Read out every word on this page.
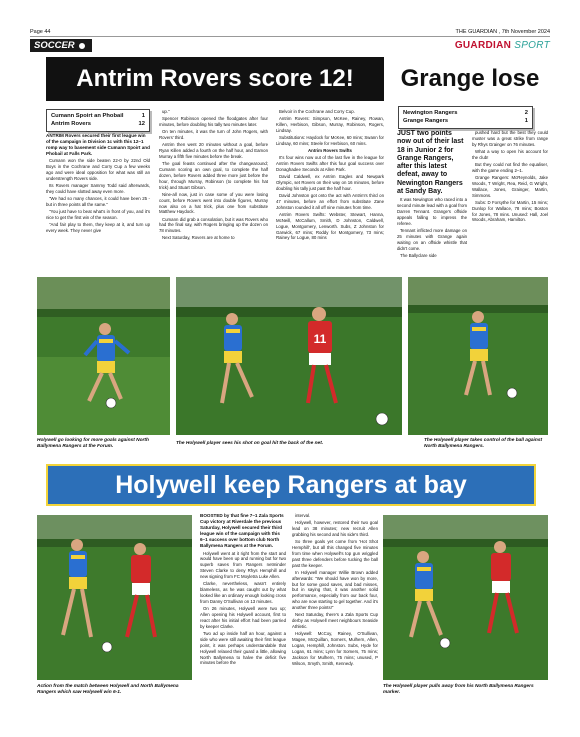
Page 44	THE GUARDIAN , 7th November 2024
SOCCER	GUARDIAN SPORT
Antrim Rovers score 12!	Grange lose
Cumann Spoirt an Phobail	1
Antrim Rovers	12

ANTRIM Rovers secured their first league win of the campaign in Division 1c with this 12–1 romp way to basement side Cumann Spoirt and Phobail at Falls Park.

Cumann won the side beaten 22-0 by 22nd Old Boys in the Cochrane and Corry Cup a few weeks ago and were ideal opposition for what was still an understrength Rovers side.

Its Rovers manager Sammy Todd said afterwards, they could have slotted away even more.

"We had so many chances, it could have been 25 - but in three points all the same."

"You just have to beat what's in front of you, and it's nice to get the first win of the season.

"And fair play to them, they keep at it, and turn up every week. They never give

up."

Spencer Robinson opened the floodgates after four minutes, before doubling his tally two minutes later.

On ten minutes, it was the turn of John Rogers, with Rovers' third.

Antrim then went 20 minutes without a goal, before Ryan Killen added a fourth on the half hour, and Eamon Murray a fifth five minutes before the break.

The goal feasts continued after the changearound; Cumann scoring an own goal, to complete the half dozen, before Rovers added three more just before the hour, through Murray, Robinson (to complete his hat trick) and Stuart Gibson.

Nine-all now, just in case some of you were losing count, before Rovers went into double figures, Murray now also on a hat trick, plus one from substitute Matthew Haydock.

Cumann did grab a consolation, but it was Rovers who had the final say, with Rogers bringing up the dozen on 78 minutes.

Next Saturday, Rovers are at home to

Belvoir in the Cochrane and Corry Cup.

Antrim Rovers: Simpson, McKee, Rainey, Rowan, Killen, Herbison, Gibson, Murray, Robinson, Rogers, Lindsay.

Substitutions: Haydock for McKee, 60 mins; Swann for Lindsay, 60 mins; Steele for Herbison, 60 mins.

Antrim Rovers Swifts

It's four wins now out of the last five in the league for Antrim Rovers Swifts after this four goal success over Donaghadee Seconds at Allen Park.

David Caldwell, ex Antrim Eagles and Newpark Olympic, set Rovers on their way on 16 minutes, before doubling his tally just past the half hour.

David Johnston got onto the act with Antrim's third on 47 minutes, before an effort from substitute Zane Johnston rounded it all off nine minutes from time.

Antrim Rovers Swifts: Webster, Stewart, Hanna, McNeill, McCallum, Smith, D Johnston, Caldwell, Logue, Montgomery, Lenworth. Subs, Z Johnston for Garwick, 67 mins; Roddy for Montgomery, 73 mins; Rainey for Logue, 80 mins

Newington Rangers	2
Grange Rangers	1

JUST two points now out of their last 18 in Junior 2 for Grange Rangers, after this latest defeat, away to Newington Rangers at Sandy Bay.

It was Newington who raced into a second minute lead with a goal from Darren Tennant. Grange's offside appeals falling to impress the referee.

Tennant inflicted more damage on 25 minutes with Grange again waiting on an offside whistle that didn't come.

The Ballyclare side

pushed hard but the best they could muster was a great strike from range by Rhys Grainger on 76 minutes.

What a way to open his account for the club!

But they could not find the equaliser, with the game ending 2–1.

Grange Rangers: McReynolds, Jake Woods, T Wright, Rea, Reid, G Wright, Wallace, Jones, Grainger, Martin, Simmons.

Subs: D Forsythe for Martin, 15 mins; Dunlop for Wallace, 78 mins; Boston for Jones, 78 mins. Unused: Hall, Joel Woods, Abraham, Hamilton.

11
Holywell go looking for more goals against North Ballymena Rangers at the Forum.
The Holywell player sees his shot on goal hit the back of the net.
The Holywell player takes control of the ball against North Ballymena Rangers.
Holywell keep Rangers at bay

BOOSTED by that fine 7–1 Zala Sports Cup victory at Riverdale the previous Saturday, Holywell secured their third league win of the campaign with this 6–1 success over bottom club North Ballymena Rangers at the Forum.

Holywell went at it right from the start and would have been up and running but for two superb saves from Rangers netminder Steven Clarke to deny Rhys Hemphill and new signing from FC Moyletra Luke Allen.

Clarke, nevertheless, wasn't entirely blameless, as he was caught out by what looked like an ordinary enough looking cross from Danny O'Sullivan on 13 minutes.

On 26 minutes, Holywell were two up; Allen opening his Holywell account, first to react after his initial effort had been parried by keeper Clarke.

Two ad up inside half an hour, against a side who were still awaiting their first league point, it was perhaps understandable that Holywell relaxed their guard a little, allowing North Ballymena to halve the deficit five minutes before the

interval.

Holywell, however, restored their two goal lead on 38 minutes; new recruit Allen grabbing his second and his side's third.

So three goals yet come from 'Hot Shot Hemphill', but all this changed five minutes from time when Holywell's top gun wriggled past three defenders before tucking the ball past the keeper.

In Holywell manager Willie Brown added afterwards: "We should have won by more, but for some good saves, and bad misses, but in saying that, it was another solid performance, especially from our back four, who are now starting to gel together. And it's another three points!"

Next Saturday, there's a Zala Sports Cup derby as Holywell meet neighbours Seaside Athletic.

Holywell: McCoy, Rainey, O'Sullivan, Magee, McQuillan, Somers, Mulhern, Allen, Logan, Hemphill, Johnston. Subs, Hyde for Logan, 61 mins; Lynn for Somers, 75 mins; Jackson for Mulhern, 75 mins; unused, P Wilson, Smyth, Smith, Kennedy.

Action from the match between Holywell and North Ballymena Rangers which saw Holywell win 6-1.
The Holywell player pulls away from his North Ballymena Rangers marker.
